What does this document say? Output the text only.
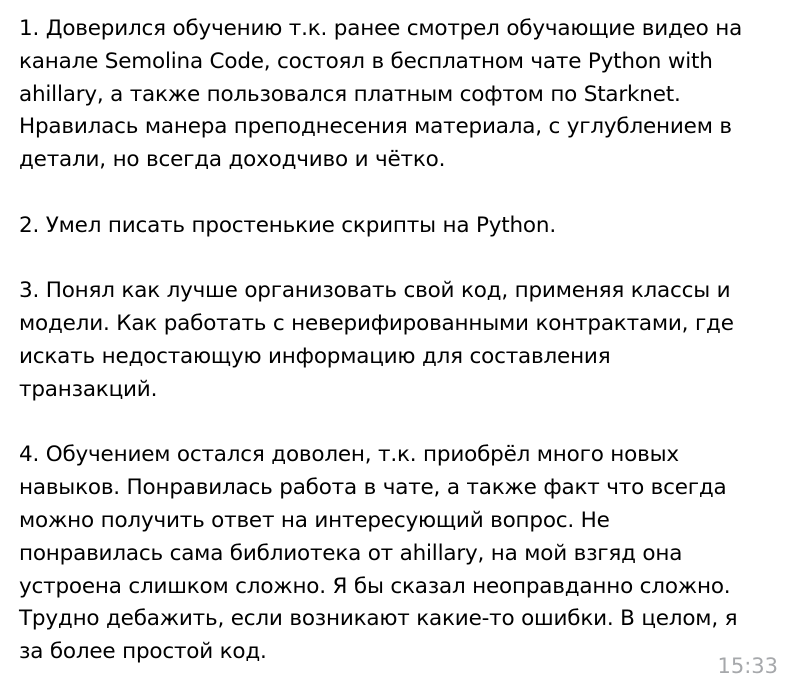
1. Доверился обучению т.к. ранее смотрел обучающие видео на
канале Semolina Code, состоял в бесплатном чате Python with
ahillary, а также пользовался платным софтом по Starknet.
Нравилась манера преподнесения материала, с углублением в
детали, но всегда доходчиво и чётко.
2. Умел писать простенькие скрипты на Python.
3. Понял как лучше организовать свой код, применяя классы и
модели. Как работать с неверифированными контрактами, где
искать недостающую информацию для составления
транзакций.
4. Обучением остался доволен, т.к. приобрёл много новых
навыков. Понравилась работа в чате, а также факт что всегда
можно получить ответ на интересующий вопрос. Не
понравилась сама библиотека от ahillary, на мой взгяд она
устроена слишком сложно. Я бы сказал неоправданно сложно.
Трудно дебажить, если возникают какие-то ошибки. В целом, я
за более простой код.
15:33
